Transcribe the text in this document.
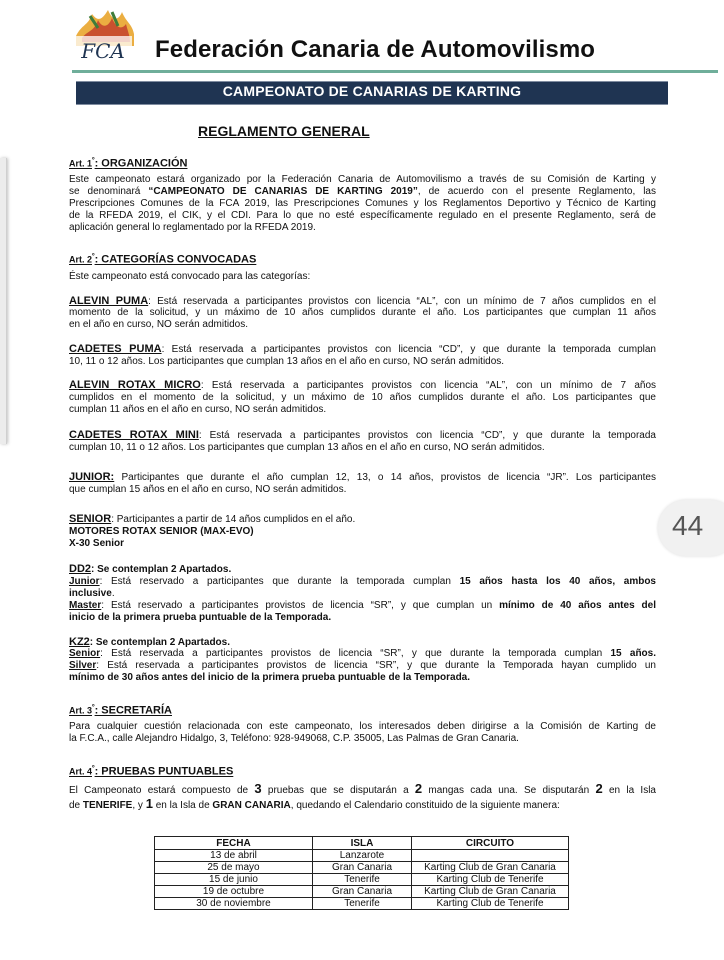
FCA Federación Canaria de Automovilismo
CAMPEONATO DE CANARIAS DE KARTING
REGLAMENTO GENERAL
44
Art. $1^º$: ORGANIZACIÓN
Este campeonato estará organizado por la Federación Canaria de Automovilismo a través de su Comisión de Karting y
se denominará “CAMPEONATO DE CANARIAS DE KARTING 2019”, de acuerdo con el presente Reglamento, las
Prescripciones Comunes de la FCA 2019, las Prescripciones Comunes y los Reglamentos Deportivo y Técnico de Karting
de la RFEDA 2019, el CIK, y el CDI. Para lo que no esté específicamente regulado en el presente Reglamento, será de
aplicación general lo reglamentado por la RFEDA 2019.
Art. $2^º$: CATEGORÍAS CONVOCADAS
Éste campeonato está convocado para las categorías:
ALEVIN PUMA: Está reservada a participantes provistos con licencia “AL”, con un mínimo de 7 años cumplidos en el
momento de la solicitud, y un máximo de 10 años cumplidos durante el año. Los participantes que cumplan 11 años
en el año en curso, NO serán admitidos.
CADETES PUMA: Está reservada a participantes provistos con licencia “CD”, y que durante la temporada cumplan
10, 11 o 12 años. Los participantes que cumplan 13 años en el año en curso, NO serán admitidos.
ALEVIN ROTAX MICRO: Está reservada a participantes provistos con licencia “AL”, con un mínimo de 7 años
cumplidos en el momento de la solicitud, y un máximo de 10 años cumplidos durante el año. Los participantes que
cumplan 11 años en el año en curso, NO serán admitidos.
CADETES ROTAX MINI: Está reservada a participantes provistos con licencia “CD”, y que durante la temporada
cumplan 10, 11 o 12 años. Los participantes que cumplan 13 años en el año en curso, NO serán admitidos.
JUNIOR: Participantes que durante el año cumplan 12, 13, o 14 años, provistos de licencia “JR”. Los participantes
que cumplan 15 años en el año en curso, NO serán admitidos.
SENIOR: Participantes a partir de 14 años cumplidos en el año.
MOTORES ROTAX SENIOR (MAX-EVO)
X-30 Senior
DD2: Se contemplan 2 Apartados.
Junior: Está reservado a participantes que durante la temporada cumplan 15 años hasta los 40 años, ambos
inclusive.
Master: Está reservado a participantes provistos de licencia “SR”, y que cumplan un mínimo de 40 años antes del
inicio de la primera prueba puntuable de la Temporada.
KZ2: Se contemplan 2 Apartados.
Senior: Está reservada a participantes provistos de licencia “SR”, y que durante la temporada cumplan 15 años.
Silver: Está reservada a participantes provistos de licencia “SR”, y que durante la Temporada hayan cumplido un
mínimo de 30 años antes del inicio de la primera prueba puntuable de la Temporada.
Art. $3^º$: SECRETARÍA
Para cualquier cuestión relacionada con este campeonato, los interesados deben dirigirse a la Comisión de Karting de
la F.C.A., calle Alejandro Hidalgo, 3, Teléfono: 928-949068, C.P. 35005, Las Palmas de Gran Canaria.
Art. $4^º$: PRUEBAS PUNTUABLES
El Campeonato estará compuesto de 3 pruebas que se disputarán a 2 mangas cada una. Se disputarán 2 en la Isla
de TENERIFE, y 1 en la Isla de GRAN CANARIA, quedando el Calendario constituido de la siguiente manera:
FECHA	ISLA	CIRCUITO
13 de abril	Lanzarote	
25 de mayo	Gran Canaria	Karting Club de Gran Canaria
15 de junio	Tenerife	Karting Club de Tenerife
19 de octubre	Gran Canaria	Karting Club de Gran Canaria
30 de noviembre	Tenerife	Karting Club de Tenerife
